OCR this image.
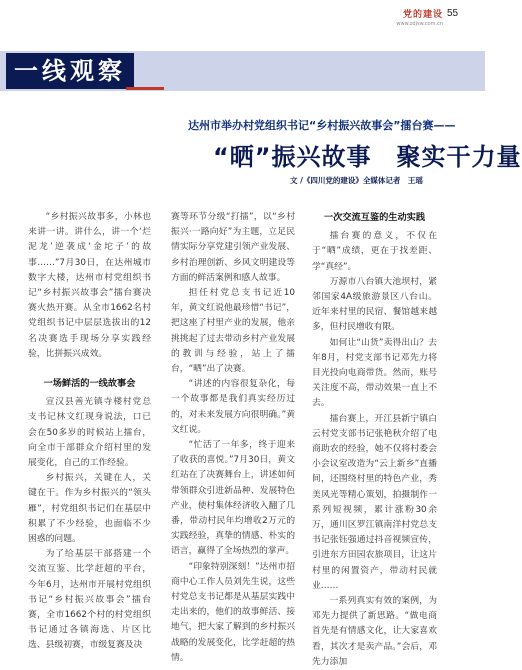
党的建设
www.zdjsw.com.cn
55
一线观察
达州市举办村党组织书记“乡村振兴故事会”擂台赛——
“晒”振兴故事　聚实干力量
文 /《四川党的建设》全媒体记者　王瑶

“乡村振兴故事多，小林也来讲一讲。讲什么，讲一个‘烂泥龙’逆袭成‘金坨子’的故事……”7月30日，在达州城市数字大楼，达州市村党组织书记“乡村振兴故事会”擂台赛决赛火热开赛。从全市1662名村党组织书记中层层选拔出的12名决赛选手现场分享实践经验，比拼振兴成效。

一场鲜活的一线故事会

宣汉县善光镇寺楼村党总支书记林文红现身说法，口已会在50多岁的时候站上擂台，向全市干部群众介绍村里的发展变化，自己的工作经验。

乡村振兴，关键在人，关键在干。作为乡村振兴的“领头雁”，村党组织书记们在基层中积累了不少经验，也面临不少困惑的问题。

为了给基层干部搭建一个交流互鉴、比学赶超的平台，今年6月，达州市开展村党组织书记“乡村振兴故事会”擂台赛，全市1662个村的村党组织书记通过各镇海选、片区比选、县级初赛，市级复赛及决

赛等环节分级“打擂”，以“乡村振兴·一路向好”为主题，立足民情实际分享党建引领产业发展、乡村治理创新、乡风文明建设等方面的鲜活案例和感人故事。

担任村党总支书记近10年，黄文红说他最珍惜“书记”，把这座了村里产业的发展，他亲挑挑起了过去带动乡村产业发展的教训与经验，站上了擂台，“晒”出了决赛。

“讲述的内容很复杂化，每一个故事都是我们真实经历过的，对未来发展方向很明确。”黄文红说。

“忙活了一年多，终于迎来了收获的喜悦。”7月30日，黄文红站在了决赛舞台上，讲述如何带领群众引进新品种、发展特色产业，使村集体经济收入翻了几番，带动村民年均增收2万元的实践经验，真挚的情感、朴实的语言，赢得了全场热烈的掌声。

“印象特别深刻！”达州市招商中心工作人员刘先生说，这些村党总支书记都是从基层实践中走出来的，他们的故事鲜活、接地气，把大家了解到的乡村振兴战略的发展变化，比学赶超的热情。

一次交流互鉴的生动实践

擂台赛的意义，不仅在于“晒”成绩，更在于找差距、学“真经”。

万源市八台镇大池坝村，紧邻国家4A级旅游景区八台山。近年来村里的民宿、餐馆越来越多，但村民增收有限。

如何让“山货”卖得出山？去年8月，村党支部书记邓先力将目光投向电商带货。然而，账号关注度不高，带动效果一直上不去。

擂台赛上，开江县新宁镇白云村党支部书记张艳秋介绍了电商助农的经验，她不仅将村委会小会议室改造为“云上新乡”直播间，还围绕村里的特色产业，秀美风光等精心策划，拍摄制作一系列短视频，累计涨粉30余万，通川区罗江镇南洋村党总支书记张钰强通过抖音视频宣传，引进东方田园农旅项目，让这片村里的闲置资产，带动村民就业……

一系列真实有效的案例，为邓先力提供了新思路。“做电商首先是有情感文化，让大家喜欢看，其次才是卖产品。”会后，邓先力添加
